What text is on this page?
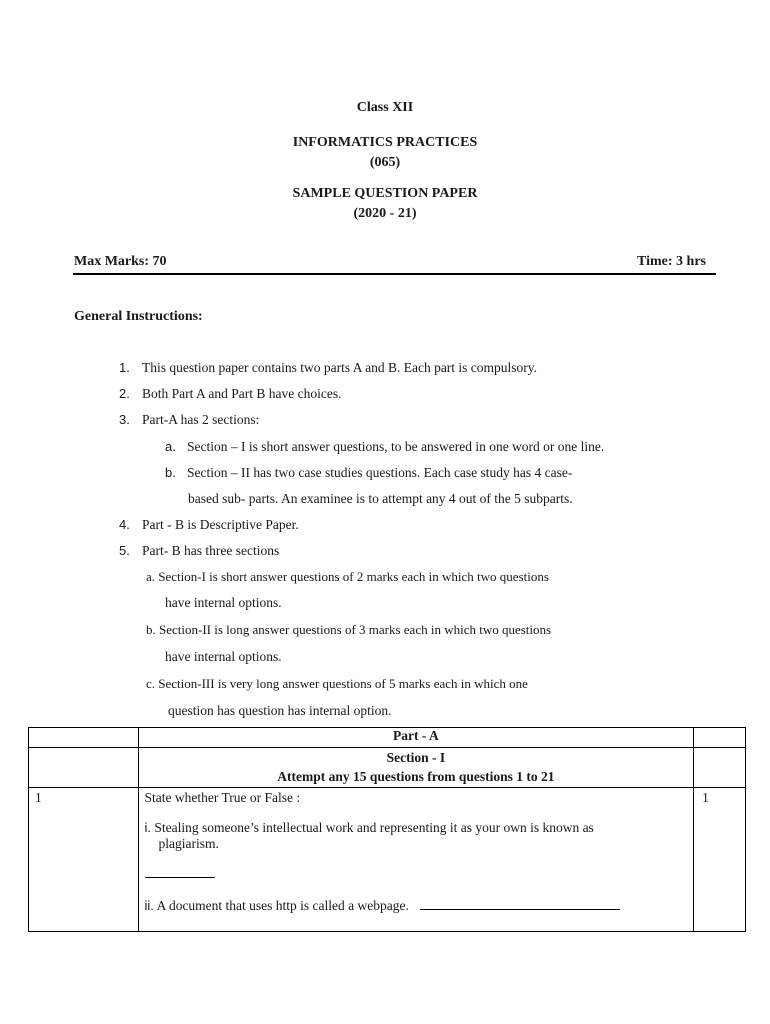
Class XII
INFORMATICS PRACTICES
(065)
SAMPLE QUESTION PAPER
(2020 - 21)
Max Marks: 70	Time: 3 hrs
General Instructions:
1. This question paper contains two parts A and B. Each part is compulsory.
2. Both Part A and Part B have choices.
3. Part-A has 2 sections:
a. Section – I is short answer questions, to be answered in one word or one line.
b. Section – II has two case studies questions. Each case study has 4 case-
based sub- parts. An examinee is to attempt any 4 out of the 5 subparts.
4. Part - B is Descriptive Paper.
5. Part- B has three sections
a. Section-I is short answer questions of 2 marks each in which two questions
have internal options.
b. Section-II is long answer questions of 3 marks each in which two questions
have internal options.
c. Section-III is very long answer questions of 5 marks each in which one
question has question has internal option.
	Part - A	

	Section - I
Attempt any 15 questions from questions 1 to 21	

1	State whether True or False :
i. Stealing someone’s intellectual work and representing it as your own is known as
plagiarism.
ii. A document that uses http is called a webpage.	1
